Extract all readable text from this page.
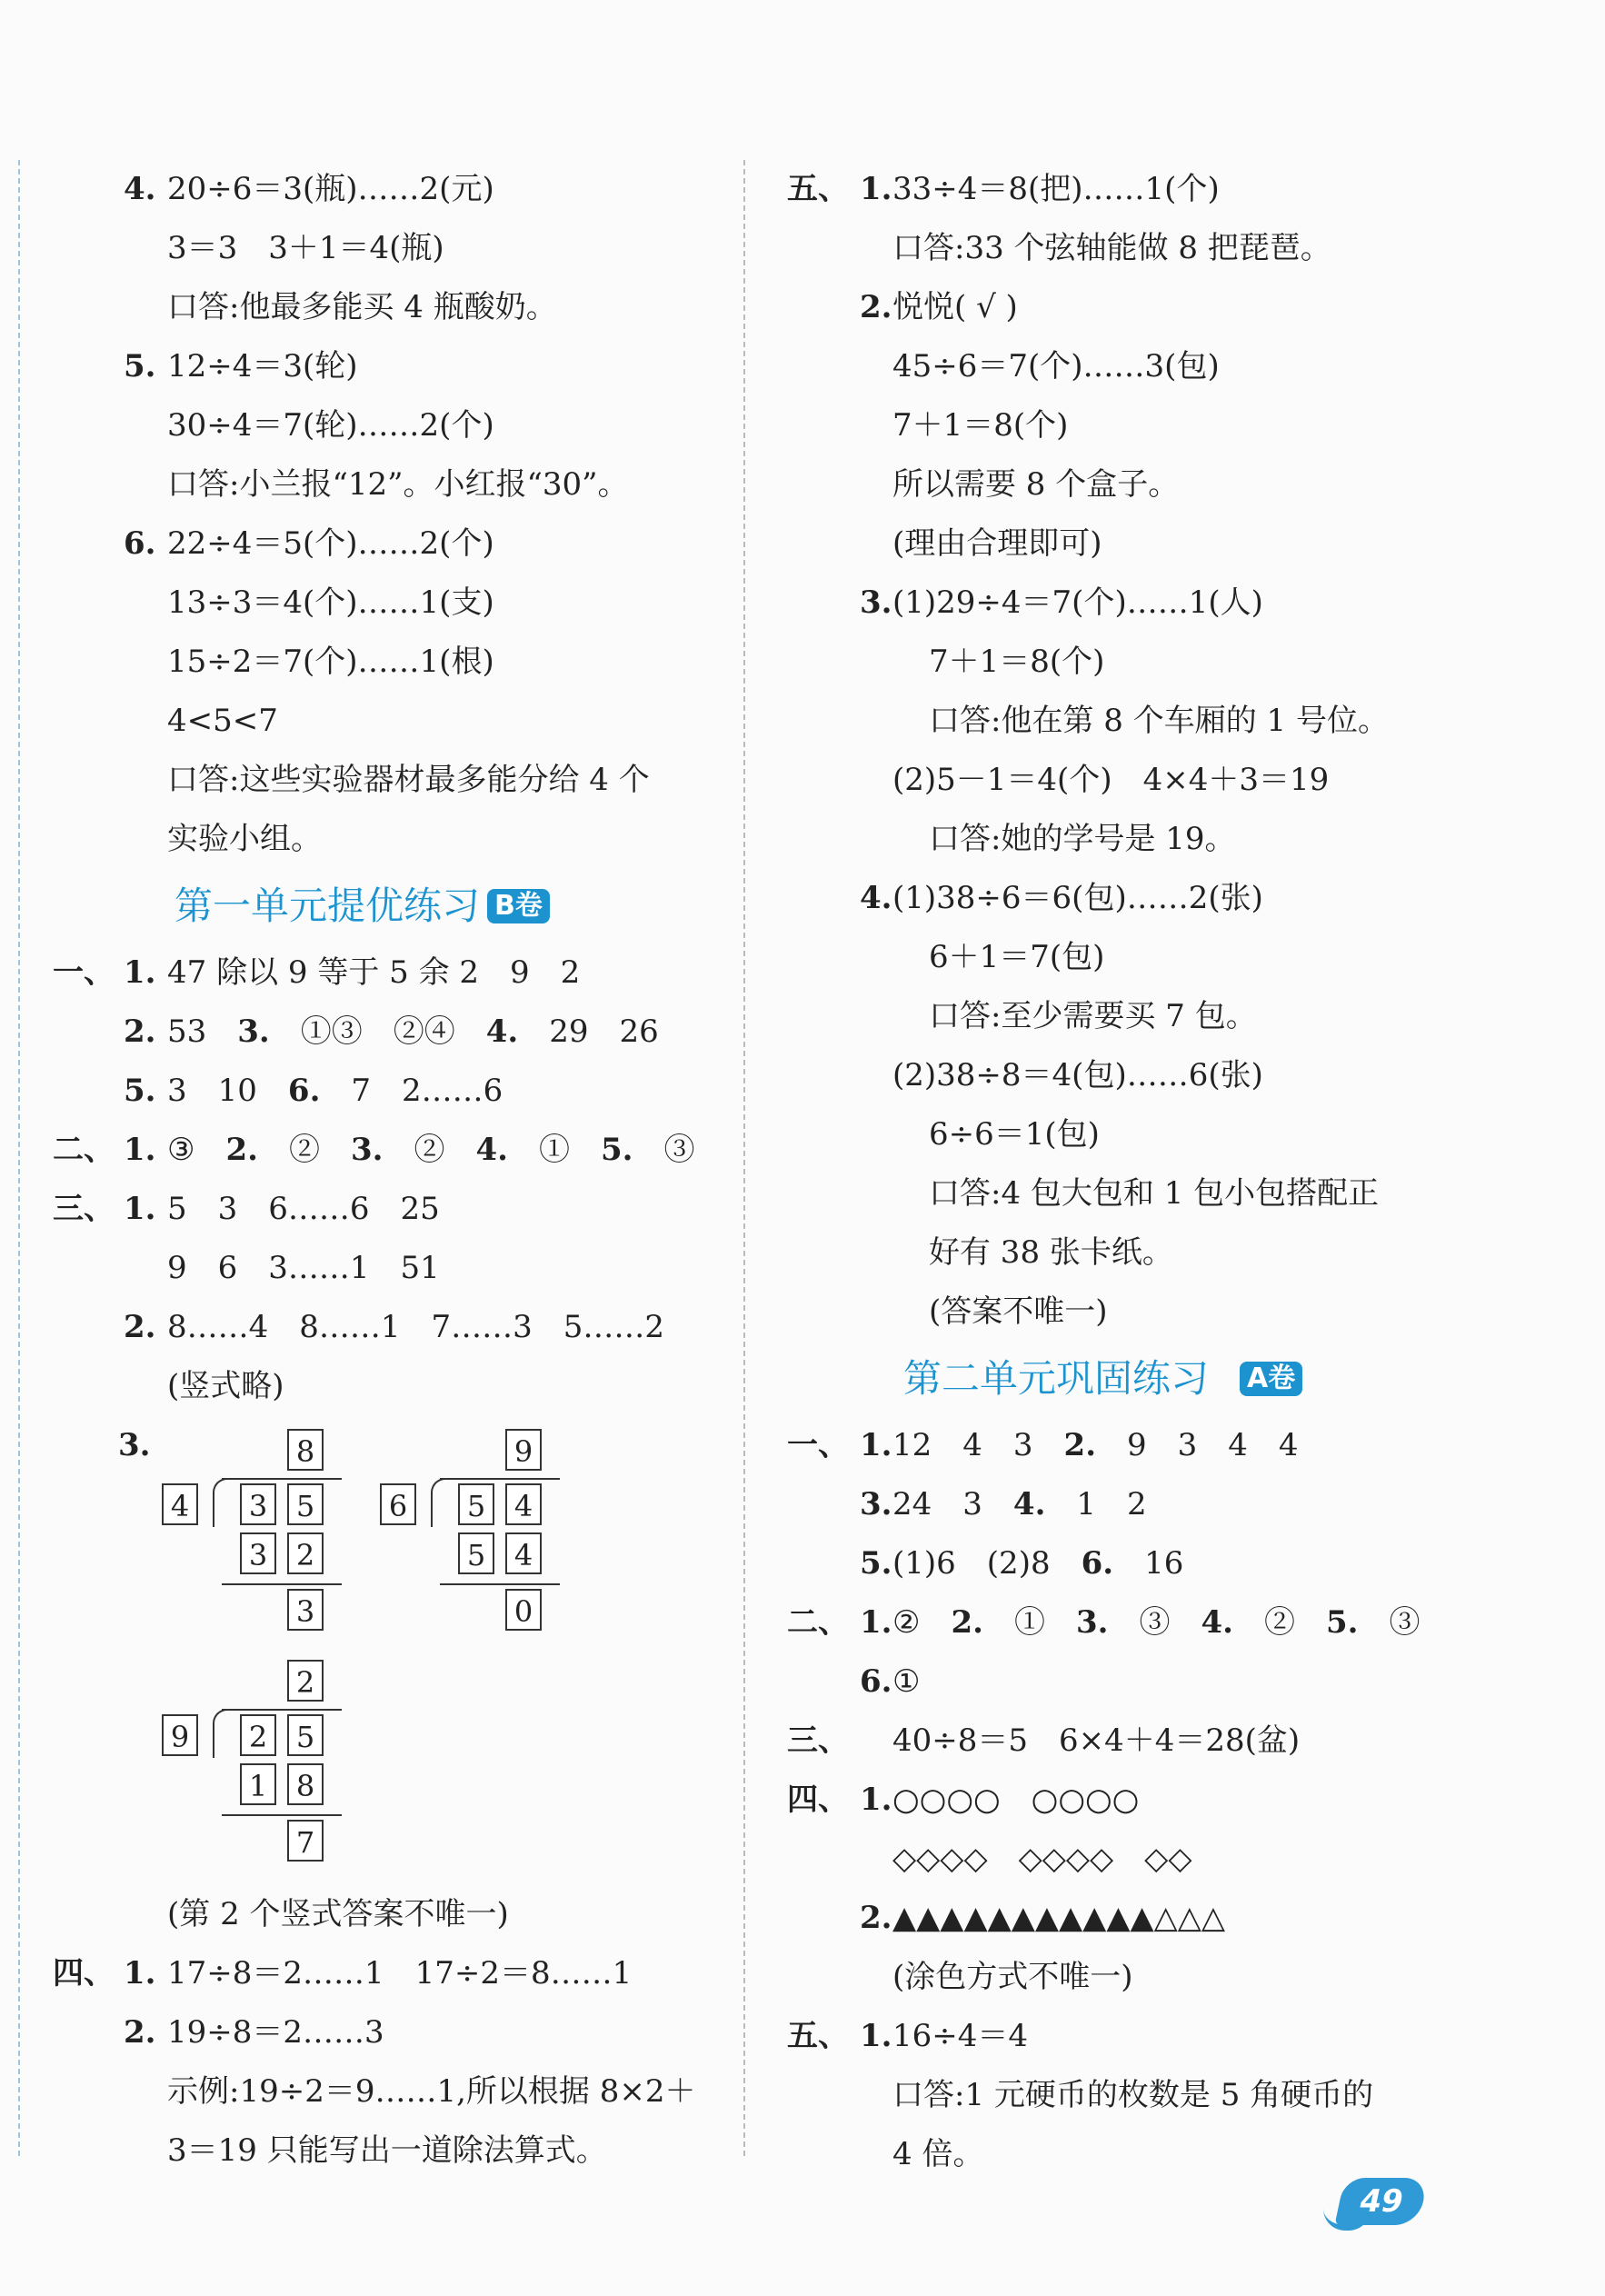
4. 20÷6＝3(瓶)……2(元)
3＝3　3＋1＝4(瓶)
口答:他最多能买 4 瓶酸奶。
5. 12÷4＝3(轮)
30÷4＝7(轮)……2(个)
口答:小兰报“12”。小红报“30”。
6. 22÷4＝5(个)……2(个)
13÷3＝4(个)……1(支)
15÷2＝7(个)……1(根)
4<5<7
口答:这些实验器材最多能分给 4 个
实验小组。
第一单元提优练习 B卷
一、 1. 47 除以 9 等于 5 余 2　9　2
2. 53　3.　①③　②④　4.　29　26
5. 3　10　6.　7　2……6
二、 1. ③　2.　②　3.　②　4.　①　5.　③
三、 1. 5　3　6……6　25
9　6　3……1　51
2. 8……4　8……1　7……3　5……2
(竖式略)
3.	8
4	3 5
3 2
3
9
6	5 4
5 4
0
2
9	2 5
1 8
7
(第 2 个竖式答案不唯一)
四、 1. 17÷8＝2……1　17÷2＝8……1
2. 19÷8＝2……3
示例:19÷2＝9……1,所以根据 8×2＋
3＝19 只能写出一道除法算式。
五、 1. 33÷4＝8(把)……1(个)
口答:33 个弦轴能做 8 把琵琶。
2. 悦悦( √ )
45÷6＝7(个)……3(包)
7＋1＝8(个)
所以需要 8 个盒子。
(理由合理即可)
3. (1)29÷4＝7(个)……1(人)
7＋1＝8(个)
口答:他在第 8 个车厢的 1 号位。
(2)5－1＝4(个)　4×4＋3＝19
口答:她的学号是 19。
4. (1)38÷6＝6(包)……2(张)
6＋1＝7(包)
口答:至少需要买 7 包。
(2)38÷8＝4(包)……6(张)
6÷6＝1(包)
口答:4 包大包和 1 包小包搭配正
好有 38 张卡纸。
(答案不唯一)
第二单元巩固练习 A卷
一、 1. 12　4　3　2.　9　3　4　4
3. 24　3　4.　1　2
5. (1)6　(2)8　6.　16
二、 1. ②　2.　①　3.　③　4.　②　5.　③
6. ①
三、 40÷8＝5　6×4＋4＝28(盆)
四、 1. ○○○○　○○○○
◇◇◇◇　◇◇◇◇　◇◇
2. ▲▲▲▲▲▲▲▲▲▲▲△△△
(涂色方式不唯一)
五、 1. 16÷4＝4
口答:1 元硬币的枚数是 5 角硬币的
4 倍。
49
